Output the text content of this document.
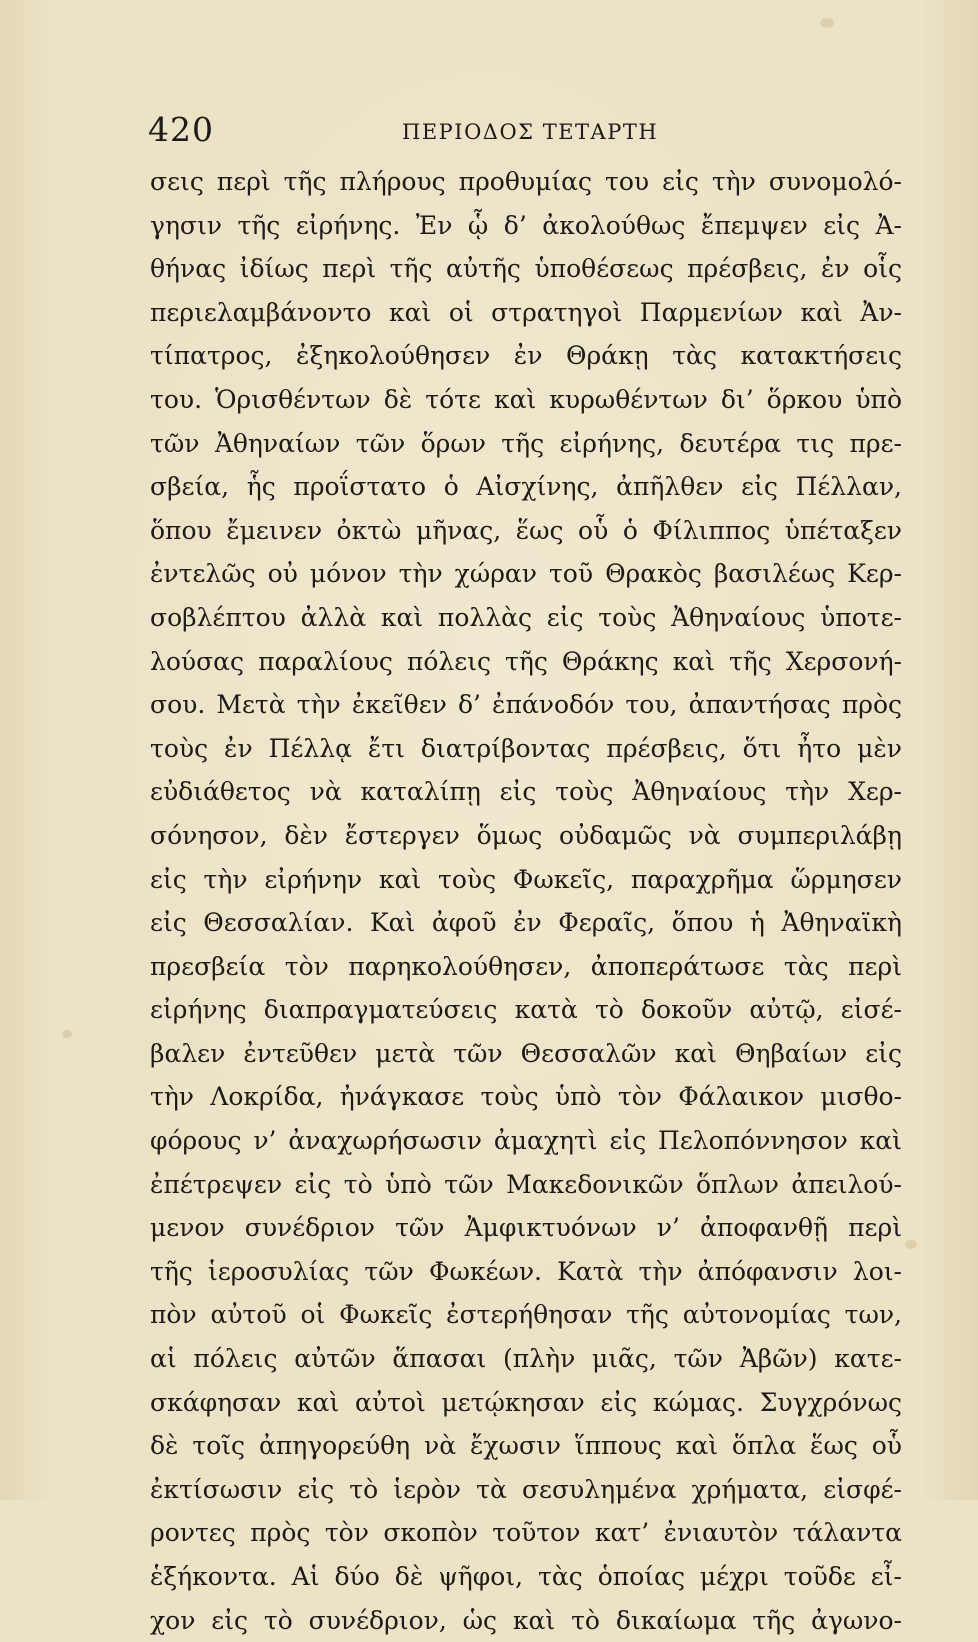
420	ΠΕΡΙΟΔΟΣ ΤΕΤΑΡΤΗ
σεις περὶ τῆς πλήρους προθυμίας του εἰς τὴν συνομολό-
γησιν τῆς εἰρήνης. Ἐν ᾧ δ’ ἀκολούθως ἔπεμψεν εἰς Ἀ-
θήνας ἰδίως περὶ τῆς αὐτῆς ὑποθέσεως πρέσβεις, ἐν οἷς
περιελαμβάνοντο καὶ οἱ στρατηγοὶ Παρμενίων καὶ Ἀν-
τίπατρος, ἐξηκολούθησεν ἐν Θράκῃ τὰς κατακτήσεις
του. Ὁρισθέντων δὲ τότε καὶ κυρωθέντων δι’ ὅρκου ὑπὸ
τῶν Ἀθηναίων τῶν ὅρων τῆς εἰρήνης, δευτέρα τις πρε-
σβεία, ἧς προΐστατο ὁ Αἰσχίνης, ἀπῆλθεν εἰς Πέλλαν,
ὅπου ἔμεινεν ὀκτὼ μῆνας, ἕως οὗ ὁ Φίλιππος ὑπέταξεν
ἐντελῶς οὐ μόνον τὴν χώραν τοῦ Θρακὸς βασιλέως Κερ-
σοβλέπτου ἀλλὰ καὶ πολλὰς εἰς τοὺς Ἀθηναίους ὑποτε-
λούσας παραλίους πόλεις τῆς Θράκης καὶ τῆς Χερσονή-
σου. Μετὰ τὴν ἐκεῖθεν δ’ ἐπάνοδόν του, ἀπαντήσας πρὸς
τοὺς ἐν Πέλλᾳ ἔτι διατρίβοντας πρέσβεις, ὅτι ἦτο μὲν
εὐδιάθετος νὰ καταλίπῃ εἰς τοὺς Ἀθηναίους τὴν Χερ-
σόνησον, δὲν ἔστεργεν ὅμως οὐδαμῶς νὰ συμπεριλάβῃ
εἰς τὴν εἰρήνην καὶ τοὺς Φωκεῖς, παραχρῆμα ὥρμησεν
εἰς Θεσσαλίαν. Καὶ ἀφοῦ ἐν Φεραῖς, ὅπου ἡ Ἀθηναϊκὴ
πρεσβεία τὸν παρηκολούθησεν, ἀποπεράτωσε τὰς περὶ
εἰρήνης διαπραγματεύσεις κατὰ τὸ δοκοῦν αὐτῷ, εἰσέ-
βαλεν ἐντεῦθεν μετὰ τῶν Θεσσαλῶν καὶ Θηβαίων εἰς
τὴν Λοκρίδα, ἠνάγκασε τοὺς ὑπὸ τὸν Φάλαικον μισθο-
φόρους ν’ ἀναχωρήσωσιν ἀμαχητὶ εἰς Πελοπόννησον καὶ
ἐπέτρεψεν εἰς τὸ ὑπὸ τῶν Μακεδονικῶν ὅπλων ἀπειλού-
μενον συνέδριον τῶν Ἀμφικτυόνων ν’ ἀποφανθῇ περὶ
τῆς ἱεροσυλίας τῶν Φωκέων. Κατὰ τὴν ἀπόφανσιν λοι-
πὸν αὐτοῦ οἱ Φωκεῖς ἐστερήθησαν τῆς αὐτονομίας των,
αἱ πόλεις αὐτῶν ἅπασαι (πλὴν μιᾶς, τῶν Ἀβῶν) κατε-
σκάφησαν καὶ αὐτοὶ μετῴκησαν εἰς κώμας. Συγχρόνως
δὲ τοῖς ἀπηγορεύθη νὰ ἔχωσιν ἵππους καὶ ὅπλα ἕως οὗ
ἐκτίσωσιν εἰς τὸ ἱερὸν τὰ σεσυλημένα χρήματα, εἰσφέ-
ροντες πρὸς τὸν σκοπὸν τοῦτον κατ’ ἐνιαυτὸν τάλαντα
ἑξήκοντα. Αἱ δύο δὲ ψῆφοι, τὰς ὁποίας μέχρι τοῦδε εἶ-
χον εἰς τὸ συνέδριον, ὡς καὶ τὸ δικαίωμα τῆς ἀγωνο-
